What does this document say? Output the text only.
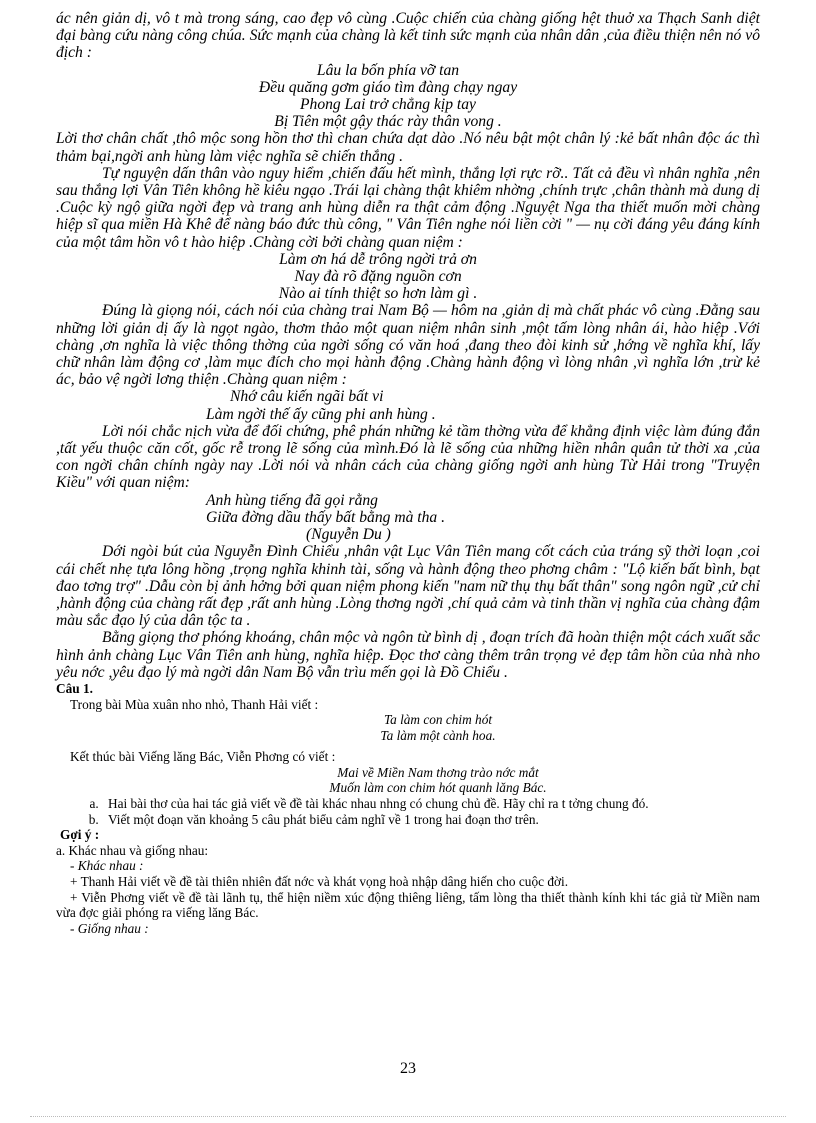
ác nên giản dị, vô t mà trong sáng, cao đẹp vô cùng .Cuộc chiến của chàng giống hệt thuở xa Thạch Sanh diệt đại bàng cứu nàng công chúa. Sức mạnh của chàng là kết tinh sức mạnh của nhân dân ,của điều thiện nên nó vô địch :

Lâu la bốn phía vỡ tan
Đều quăng gơm giáo tìm đàng chạy ngay
Phong Lai trở chẳng kịp tay
Bị Tiên một gậy thác rày thân vong .

Lời thơ chân chất ,thô mộc song hồn thơ thì chan chứa dạt dào .Nó nêu bật một chân lý :kẻ bất nhân độc ác thì thảm bại,ngời anh hùng làm việc nghĩa sẽ chiến thắng .

Tự nguyện dấn thân vào nguy hiểm ,chiến đấu hết mình, thắng lợi rực rỡ.. Tất cả đều vì nhân nghĩa ,nên sau thắng lợi Vân Tiên không hề kiêu ngạo .Trái lại chàng thật khiêm nhờng ,chính trực ,chân thành mà dung dị .Cuộc kỳ ngộ giữa ngời đẹp và trang anh hùng diễn ra thật cảm động .Nguyệt Nga tha thiết muốn mời chàng hiệp sĩ qua miền Hà Khê để nàng báo đức thù công, " Vân Tiên nghe nói liền cời " — nụ cời đáng yêu đáng kính của một tâm hồn vô t hào hiệp .Chàng cời bởi chàng quan niệm :

Làm ơn há dễ trông ngời trả ơn
Nay đà rõ đặng nguồn cơn
Nào ai tính thiệt so hơn làm gì .

Đúng là giọng nói, cách nói của chàng trai Nam Bộ — hôm na ,giản dị mà chất phác vô cùng .Đằng sau những lời giản dị ấy là ngọt ngào, thơm thảo một quan niệm nhân sinh ,một tấm lòng nhân ái, hào hiệp .Với chàng ,ơn nghĩa là việc thông thờng của ngời sống có văn hoá ,đang theo đòi kinh sử ,hớng về nghĩa khí, lấy chữ nhân làm động cơ ,làm mục đích cho mọi hành động .Chàng hành động vì lòng nhân ,vì nghĩa lớn ,trừ kẻ ác, bảo vệ ngời lơng thiện .Chàng quan niệm :

Nhớ câu kiến ngãi bất vi
Làm ngời thế ấy cũng phi anh hùng .

Lời nói chắc nịch vừa để đối chứng, phê phán những kẻ tầm thờng vừa để khẳng định việc làm đúng đắn ,tất yếu thuộc căn cốt, gốc rễ trong lẽ sống của mình.Đó là lẽ sống của những hiền nhân quân tử thời xa ,của con ngời chân chính ngày nay .Lời nói và nhân cách của chàng giống ngời anh hùng Từ Hải trong "Truyện Kiều" với quan niệm:

Anh hùng tiếng đã gọi rằng
Giữa đờng dầu thấy bất bằng mà tha .
(Nguyễn Du )

Dới ngòi bút của Nguyễn Đình Chiểu ,nhân vật Lục Vân Tiên mang cốt cách của tráng sỹ thời loạn ,coi cái chết nhẹ tựa lông hồng ,trọng nghĩa khinh tài, sống và hành động theo phơng châm : "Lộ kiến bất bình, bạt đao tơng trợ" .Dẫu còn bị ảnh hởng bởi quan niệm phong kiến "nam nữ thụ thụ bất thân" song ngôn ngữ ,cử chỉ ,hành động của chàng rất đẹp ,rất anh hùng .Lòng thơng ngời ,chí quả cảm và tinh thần vị nghĩa của chàng đậm màu sắc đạo lý của dân tộc ta .

Bằng giọng thơ phóng khoáng, chân mộc và ngôn từ bình dị , đoạn trích đã hoàn thiện một cách xuất sắc hình ảnh chàng Lục Vân Tiên anh hùng, nghĩa hiệp. Đọc thơ càng thêm trân trọng vẻ đẹp tâm hồn của nhà nho yêu nớc ,yêu đạo lý mà ngời dân Nam Bộ vẫn trìu mến gọi là Đồ Chiểu .

Câu 1.
Trong bài Mùa xuân nho nhỏ, Thanh Hải viết :
Ta làm con chim hót
Ta làm một cành hoa.
Kết thúc bài Viếng lăng Bác, Viễn Phơng có viết :
Mai về Miền Nam thơng trào nớc mắt
Muốn làm con chim hót quanh lăng Bác.
a. Hai bài thơ của hai tác giả viết về đề tài khác nhau nhng có chung chủ đề. Hãy chỉ ra t tởng chung đó.
b. Viết một đoạn văn khoảng 5 câu phát biểu cảm nghĩ về 1 trong hai đoạn thơ trên.
Gợi ý :
a. Khác nhau và giống nhau:
- Khác nhau :
+ Thanh Hải viết về đề tài thiên nhiên đất nớc và khát vọng hoà nhập dâng hiến cho cuộc đời.
+ Viễn Phơng viết về đề tài lãnh tụ, thể hiện niềm xúc động thiêng liêng, tấm lòng tha thiết thành kính khi tác giả từ Miền nam vừa đợc giải phóng ra viếng lăng Bác.
- Giống nhau :
23
